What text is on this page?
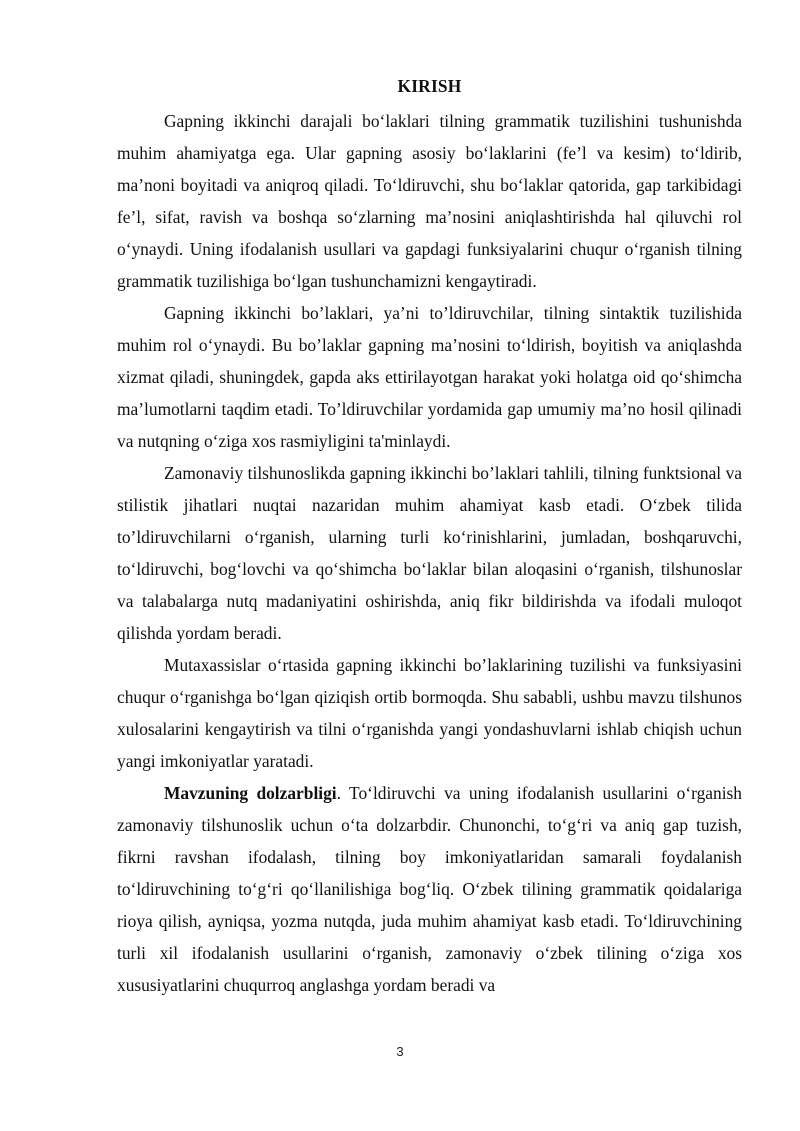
KIRISH

Gapning ikkinchi darajali bo‘laklari tilning grammatik tuzilishini tushunishda muhim ahamiyatga ega. Ular gapning asosiy bo‘laklarini (fe’l va kesim) to‘ldirib, ma’noni boyitadi va aniqroq qiladi. To‘ldiruvchi, shu bo‘laklar qatorida, gap tarkibidagi fe’l, sifat, ravish va boshqa so‘zlarning ma’nosini aniqlashtirishda hal qiluvchi rol o‘ynaydi. Uning ifodalanish usullari va gapdagi funksiyalarini chuqur o‘rganish tilning grammatik tuzilishiga bo‘lgan tushunchamizni kengaytiradi.

Gapning ikkinchi bo’laklari, ya’ni to’ldiruvchilar, tilning sintaktik tuzilishida muhim rol o‘ynaydi. Bu bo’laklar gapning ma’nosini to‘ldirish, boyitish va aniqlashda xizmat qiladi, shuningdek, gapda aks ettirilayotgan harakat yoki holatga oid qo‘shimcha ma’lumotlarni taqdim etadi. To’ldiruvchilar yordamida gap umumiy ma’no hosil qilinadi va nutqning o‘ziga xos rasmiyligini ta'minlaydi.

Zamonaviy tilshunoslikda gapning ikkinchi bo’laklari tahlili, tilning funktsional va stilistik jihatlari nuqtai nazaridan muhim ahamiyat kasb etadi. O‘zbek tilida to’ldiruvchilarni o‘rganish, ularning turli ko‘rinishlarini, jumladan, boshqaruvchi, to‘ldiruvchi, bog‘lovchi va qo‘shimcha bo‘laklar bilan aloqasini o‘rganish, tilshunoslar va talabalarga nutq madaniyatini oshirishda, aniq fikr bildirishda va ifodali muloqot qilishda yordam beradi.

Mutaxassislar o‘rtasida gapning ikkinchi bo’laklarining tuzilishi va funksiyasini chuqur o‘rganishga bo‘lgan qiziqish ortib bormoqda. Shu sababli, ushbu mavzu tilshunos xulosalarini kengaytirish va tilni o‘rganishda yangi yondashuvlarni ishlab chiqish uchun yangi imkoniyatlar yaratadi.

Mavzuning dolzarbligi. To‘ldiruvchi va uning ifodalanish usullarini o‘rganish zamonaviy tilshunoslik uchun o‘ta dolzarbdir. Chunonchi, to‘g‘ri va aniq gap tuzish, fikrni ravshan ifodalash, tilning boy imkoniyatlaridan samarali foydalanish to‘ldiruvchining to‘g‘ri qo‘llanilishiga bog‘liq. O‘zbek tilining grammatik qoidalariga rioya qilish, ayniqsa, yozma nutqda, juda muhim ahamiyat kasb etadi. To‘ldiruvchining turli xil ifodalanish usullarini o‘rganish, zamonaviy o‘zbek tilining o‘ziga xos xususiyatlarini chuqurroq anglashga yordam beradi va

3
